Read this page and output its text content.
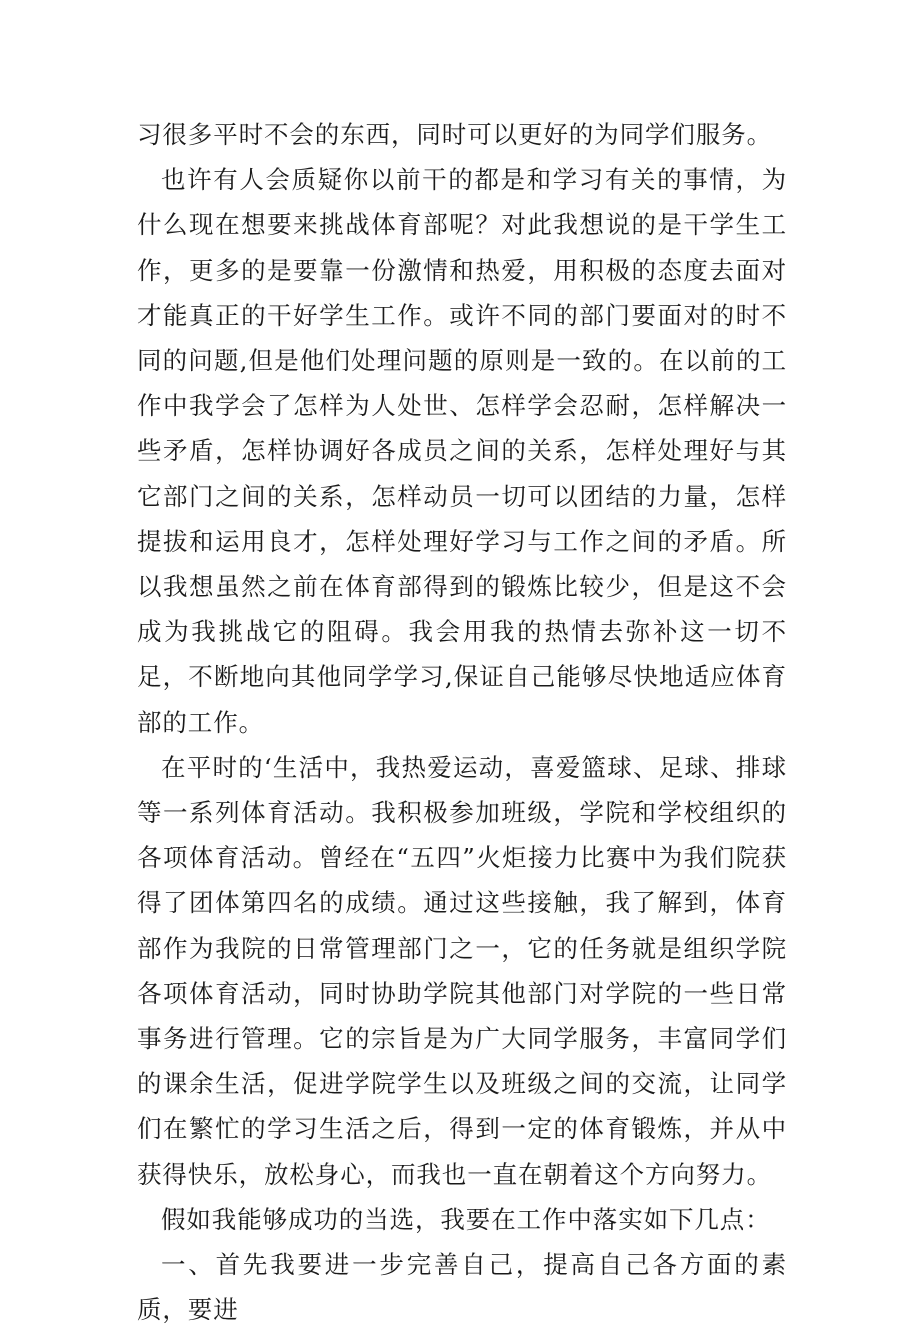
习很多平时不会的东西，同时可以更好的为同学们服务。

也许有人会质疑你以前干的都是和学习有关的事情，为什么现在想要来挑战体育部呢？对此我想说的是干学生工作，更多的是要靠一份激情和热爱，用积极的态度去面对才能真正的干好学生工作。或许不同的部门要面对的时不同的问题,但是他们处理问题的原则是一致的。在以前的工作中我学会了怎样为人处世、怎样学会忍耐，怎样解决一些矛盾，怎样协调好各成员之间的关系，怎样处理好与其它部门之间的关系，怎样动员一切可以团结的力量，怎样提拔和运用良才，怎样处理好学习与工作之间的矛盾。所以我想虽然之前在体育部得到的锻炼比较少，但是这不会成为我挑战它的阻碍。我会用我的热情去弥补这一切不足，不断地向其他同学学习,保证自己能够尽快地适应体育部的工作。

在平时的‘生活中，我热爱运动，喜爱篮球、足球、排球等一系列体育活动。我积极参加班级，学院和学校组织的各项体育活动。曾经在“五四”火炬接力比赛中为我们院获得了团体第四名的成绩。通过这些接触，我了解到，体育部作为我院的日常管理部门之一，它的任务就是组织学院各项体育活动，同时协助学院其他部门对学院的一些日常事务进行管理。它的宗旨是为广大同学服务，丰富同学们的课余生活，促进学院学生以及班级之间的交流，让同学们在繁忙的学习生活之后，得到一定的体育锻炼，并从中获得快乐，放松身心，而我也一直在朝着这个方向努力。

假如我能够成功的当选，我要在工作中落实如下几点：

一、首先我要进一步完善自己，提高自己各方面的素质，要进
